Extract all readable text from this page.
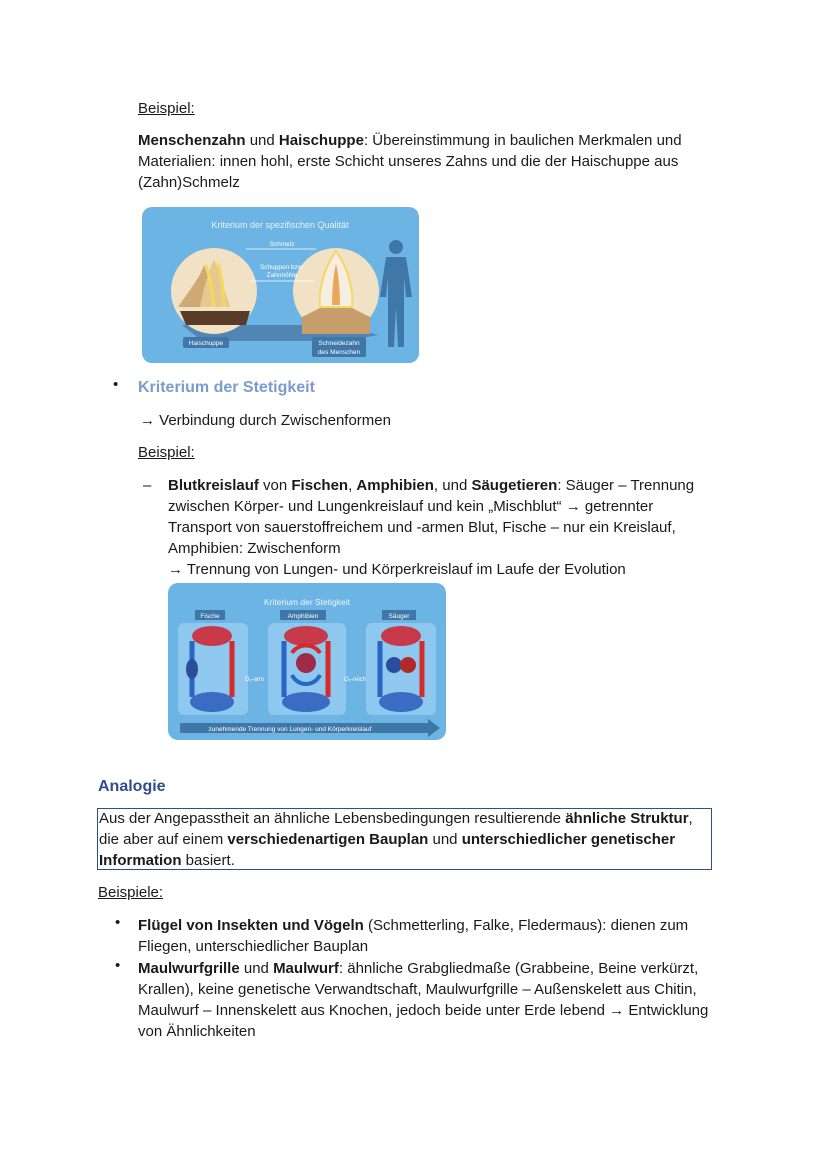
Beispiel:
Menschenzahn und Haischuppe: Übereinstimmung in baulichen Merkmalen und
Materialien: innen hohl, erste Schicht unseres Zahns und die der Haischuppe aus
(Zahn)Schmelz
Kriterium der spezifischen Qualität
Schmelz
Schuppen bzw.
Zahnhöhle
Haischuppe	Schneidezahn
des Menschen
• Kriterium der Stetigkeit
→ Verbindung durch Zwischenformen
Beispiel:
– Blutkreislauf von Fischen, Amphibien, und Säugetieren: Säuger – Trennung
zwischen Körper- und Lungenkreislauf und kein „Mischblut“ → getrennter
Transport von sauerstoffreichem und -armen Blut, Fische – nur ein Kreislauf,
Amphibien: Zwischenform
→ Trennung von Lungen- und Körperkreislauf im Laufe der Evolution
Kriterium der Stetigkeit
Fische	Amphibien	Säuger
O₂-arm	O₂-reich
zunehmende Trennung von Lungen- und Körperkreislauf
Analogie
Aus der Angepasstheit an ähnliche Lebensbedingungen resultierende ähnliche Struktur,
die aber auf einem verschiedenartigen Bauplan und unterschiedlicher genetischer
Information basiert.
Beispiele:
• Flügel von Insekten und Vögeln (Schmetterling, Falke, Fledermaus): dienen zum
Fliegen, unterschiedlicher Bauplan
• Maulwurfgrille und Maulwurf: ähnliche Grabgliedmaße (Grabbeine, Beine verkürzt,
Krallen), keine genetische Verwandtschaft, Maulwurfgrille – Außenskelett aus Chitin,
Maulwurf – Innenskelett aus Knochen, jedoch beide unter Erde lebend → Entwicklung
von Ähnlichkeiten
